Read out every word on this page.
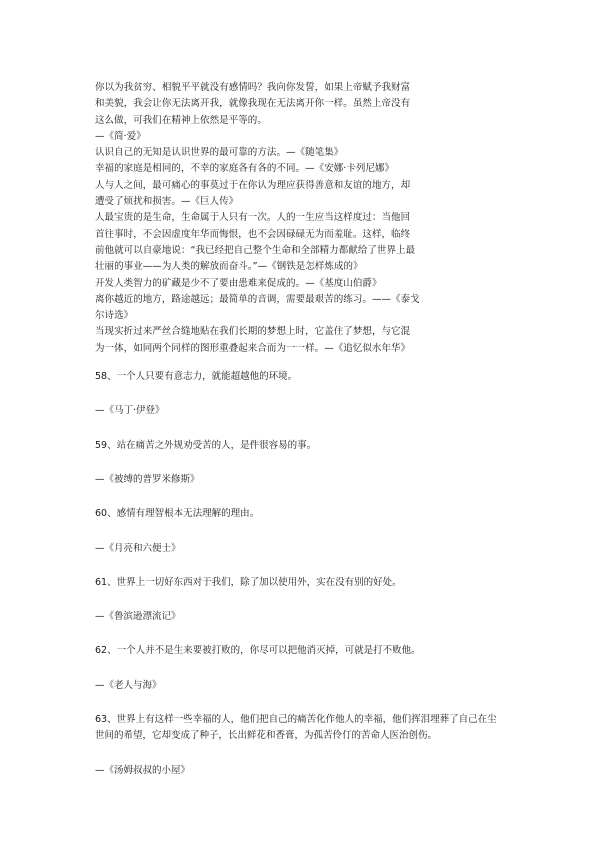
你以为我贫穷、相貌平平就没有感情吗？我向你发誓，如果上帝赋予我财富

和美貌，我会让你无法离开我，就像我现在无法离开你一样。虽然上帝没有

这么做，可我们在精神上依然是平等的。

—《简·爱》

认识自己的无知是认识世界的最可靠的方法。—《随笔集》

幸福的家庭是相同的，不幸的家庭各有各的不同。—《安娜·卡列尼娜》

人与人之间，最可痛心的事莫过于在你认为理应获得善意和友谊的地方，却

遭受了烦扰和损害。—《巨人传》

人最宝贵的是生命，生命属于人只有一次。人的一生应当这样度过：当他回

首往事时，不会因虚度年华而悔恨，也不会因碌碌无为而羞耻。这样，临终

前他就可以自豪地说：“我已经把自己整个生命和全部精力都献给了世界上最

壮丽的事业——为人类的解放而奋斗。”—《钢铁是怎样炼成的》

开发人类智力的矿藏是少不了要由患难来促成的。—《基度山伯爵》

离你越近的地方，路途越远；最简单的音调，需要最艰苦的练习。——《泰戈

尔诗选》

当现实折过来严丝合缝地贴在我们长期的梦想上时，它盖住了梦想，与它混

为一体，如同两个同样的图形重叠起来合而为一一样。—《追忆似水年华》

58、一个人只要有意志力，就能超越他的环境。

—《马丁·伊登》

59、站在痛苦之外规劝受苦的人，是件很容易的事。

—《被缚的普罗米修斯》

60、感情有理智根本无法理解的理由。

—《月亮和六便士》

61、世界上一切好东西对于我们，除了加以使用外，实在没有别的好处。

—《鲁滨逊漂流记》

62、一个人并不是生来要被打败的，你尽可以把他消灭掉，可就是打不败他。

—《老人与海》

63、世界上有这样一些幸福的人，他们把自己的痛苦化作他人的幸福，他们挥泪埋葬了自己在尘世间的希望，它却变成了种子，长出鲜花和香膏，为孤苦伶仃的苦命人医治创伤。

—《汤姆叔叔的小屋》
